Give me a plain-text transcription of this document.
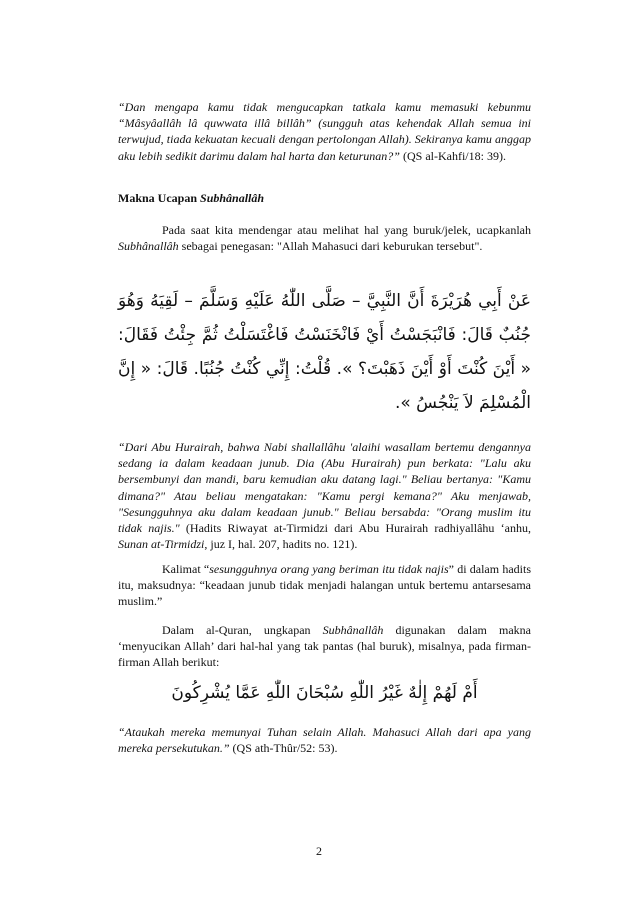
“Dan mengapa kamu tidak mengucapkan tatkala kamu memasuki kebunmu “Mâsyâallâh lâ quwwata illâ billâh” (sungguh atas kehendak Allah semua ini terwujud, tiada kekuatan kecuali dengan pertolongan Allah). Sekiranya kamu anggap aku lebih sedikit darimu dalam hal harta dan keturunan?” (QS al-Kahfi/18: 39).

Makna Ucapan Subhânallâh

Pada saat kita mendengar atau melihat hal yang buruk/jelek, ucapkanlah Subhânallâh sebagai penegasan: "Allah Mahasuci dari keburukan tersebut".

عَنْ أَبِي هُرَيْرَةَ أَنَّ النَّبِيَّ – صَلَّى اللّٰهُ عَلَيْهِ وَسَلَّمَ – لَقِيَهُ وَهُوَ جُنُبٌ قَالَ: فَانْبَجَسْتُ أَيْ فَانْخَنَسْتُ فَاغْتَسَلْتُ ثُمَّ جِئْتُ فَقَالَ: « أَيْنَ كُنْتَ أَوْ أَيْنَ ذَهَبْتَ؟ ». قُلْتُ: إِنِّي كُنْتُ جُنُبًا. قَالَ: « إِنَّ الْمُسْلِمَ لاَ يَنْجُسُ ».

“Dari Abu Hurairah, bahwa Nabi shallallâhu 'alaihi wasallam bertemu dengannya sedang ia dalam keadaan junub. Dia (Abu Hurairah) pun berkata: "Lalu aku bersembunyi dan mandi, baru kemudian aku datang lagi." Beliau bertanya: "Kamu dimana?" Atau beliau mengatakan: "Kamu pergi kemana?" Aku menjawab, "Sesungguhnya aku dalam keadaan junub." Beliau bersabda: "Orang muslim itu tidak najis." (Hadits Riwayat at-Tirmidzi dari Abu Hurairah radhiyallâhu ‘anhu, Sunan at-Tirmidzi, juz I, hal. 207, hadits no. 121).

Kalimat “sesungguhnya orang yang beriman itu tidak najis” di dalam hadits itu, maksudnya: “keadaan junub tidak menjadi halangan untuk bertemu antarsesama muslim.”

Dalam al-Quran, ungkapan Subhânallâh digunakan dalam makna ‘menyucikan Allah’ dari hal-hal yang tak pantas (hal buruk), misalnya, pada firman-firman Allah berikut:

أَمْ لَهُمْ إِلٰهٌ غَيْرُ اللّٰهِ سُبْحَانَ اللّٰهِ عَمَّا يُشْرِكُونَ

“Ataukah mereka memunyai Tuhan selain Allah. Mahasuci Allah dari apa yang mereka persekutukan.” (QS ath-Thûr/52: 53).

2
